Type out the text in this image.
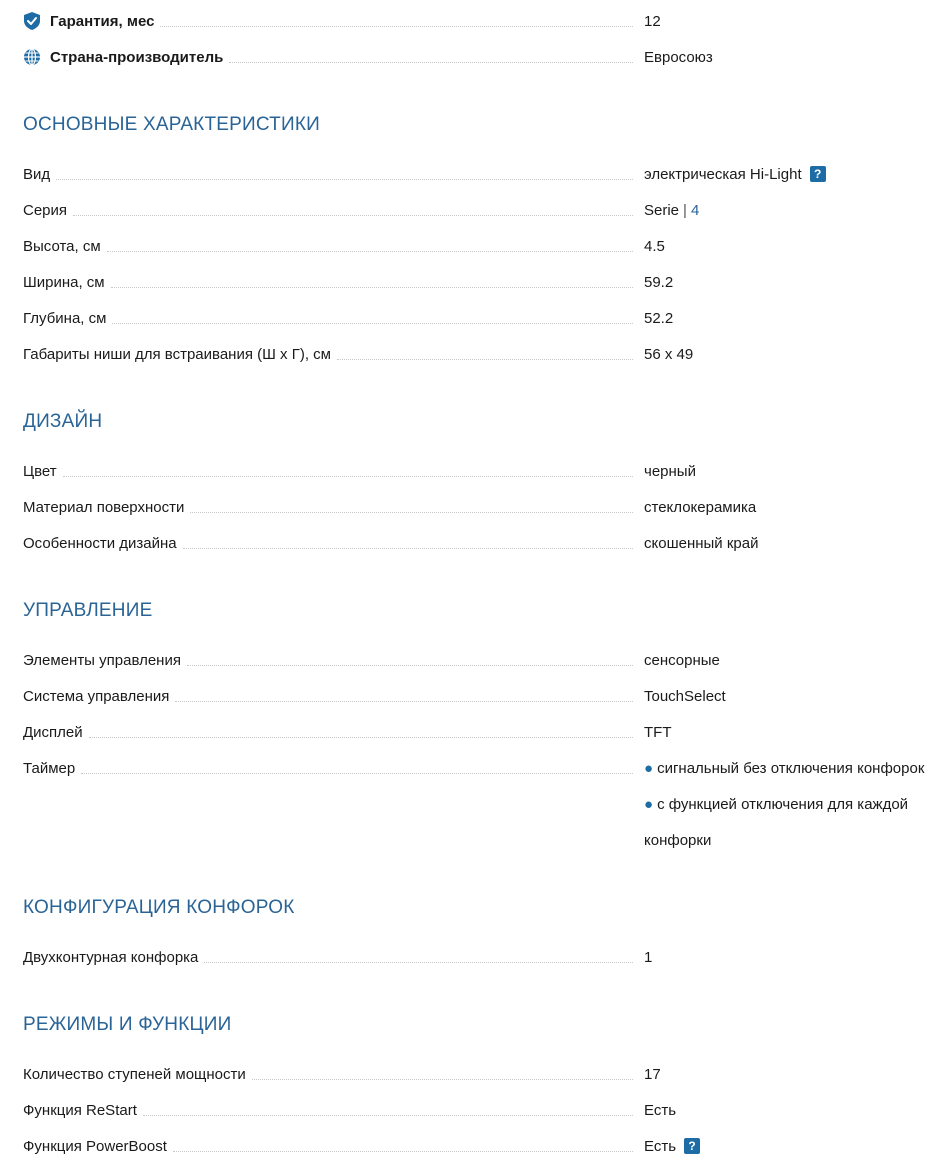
Гарантия, мес	12
Страна-производитель	Евросоюз
ОСНОВНЫЕ ХАРАКТЕРИСТИКИ
Вид	электрическая Hi-Light	?
Серия	Serie | 4
Высота, см	4.5
Ширина, см	59.2
Глубина, см	52.2
Габариты ниши для встраивания (Ш x Г), см	56 x 49
ДИЗАЙН
Цвет	черный
Материал поверхности	стеклокерамика
Особенности дизайна	скошенный край
УПРАВЛЕНИЕ
Элементы управления	сенсорные
Система управления	TouchSelect
Дисплей	TFT
Таймер	● сигнальный без отключения конфорок
● с функцией отключения для каждой
конфорки
КОНФИГУРАЦИЯ КОНФОРОК
Двухконтурная конфорка	1
РЕЖИМЫ И ФУНКЦИИ
Количество ступеней мощности	17
Функция ReStart	Есть
Функция PowerBoost	Есть	?
